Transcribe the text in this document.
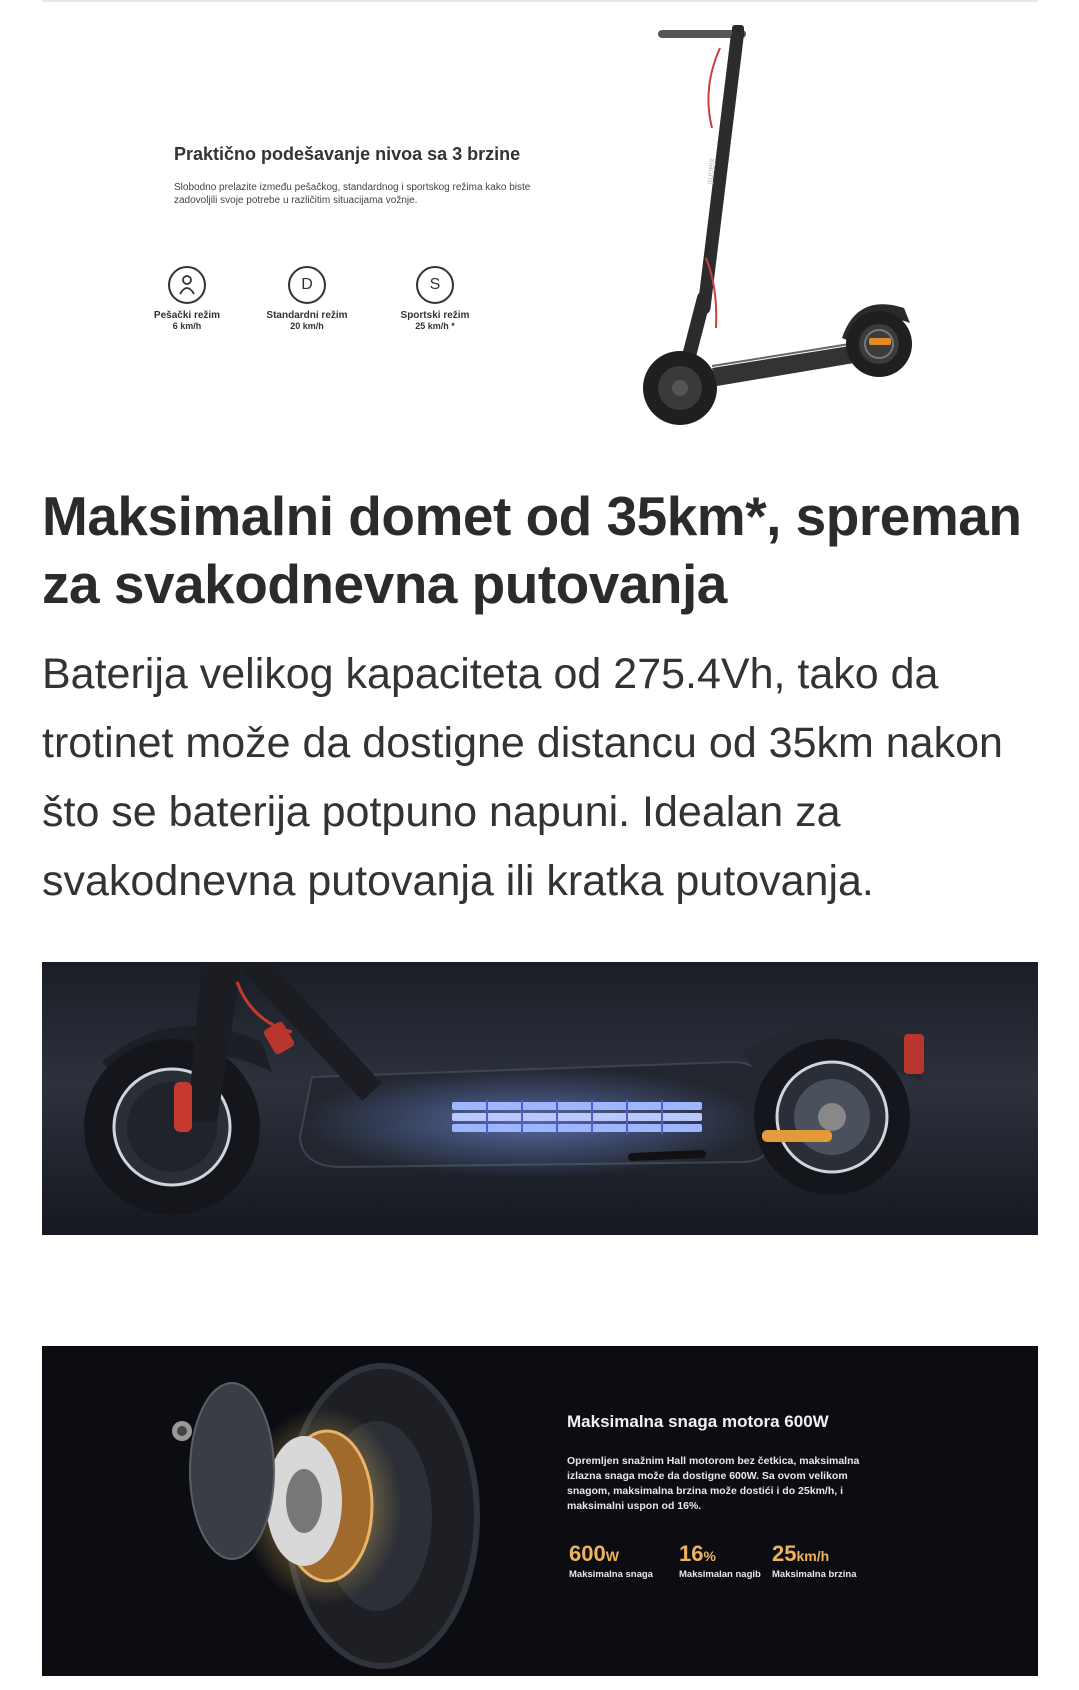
Praktično podešavanje nivoa sa 3 brzine
Slobodno prelazite između pešačkog, standardnog i sportskog režima kako biste zadovoljili svoje potrebe u različitim situacijama vožnje.
Pešački režim
6 km/h
D
Standardni režim
20 km/h
S
Sportski režim
25 km/h *
xiaomi
Maksimalni domet od 35km*, spreman za svakodnevna putovanja
Baterija velikog kapaciteta od 275.4Vh, tako da trotinet može da dostigne distancu od 35km nakon što se baterija potpuno napuni. Idealan za svakodnevna putovanja ili kratka putovanja.
Maksimalna snaga motora 600W
Opremljen snažnim Hall motorom bez četkica, maksimalna izlazna snaga može da dostigne 600W. Sa ovom velikom snagom, maksimalna brzina može dostići i do 25km/h, i maksimalni uspon od 16%.
600W
Maksimalna snaga
16%
Maksimalan nagib
25km/h
Maksimalna brzina
